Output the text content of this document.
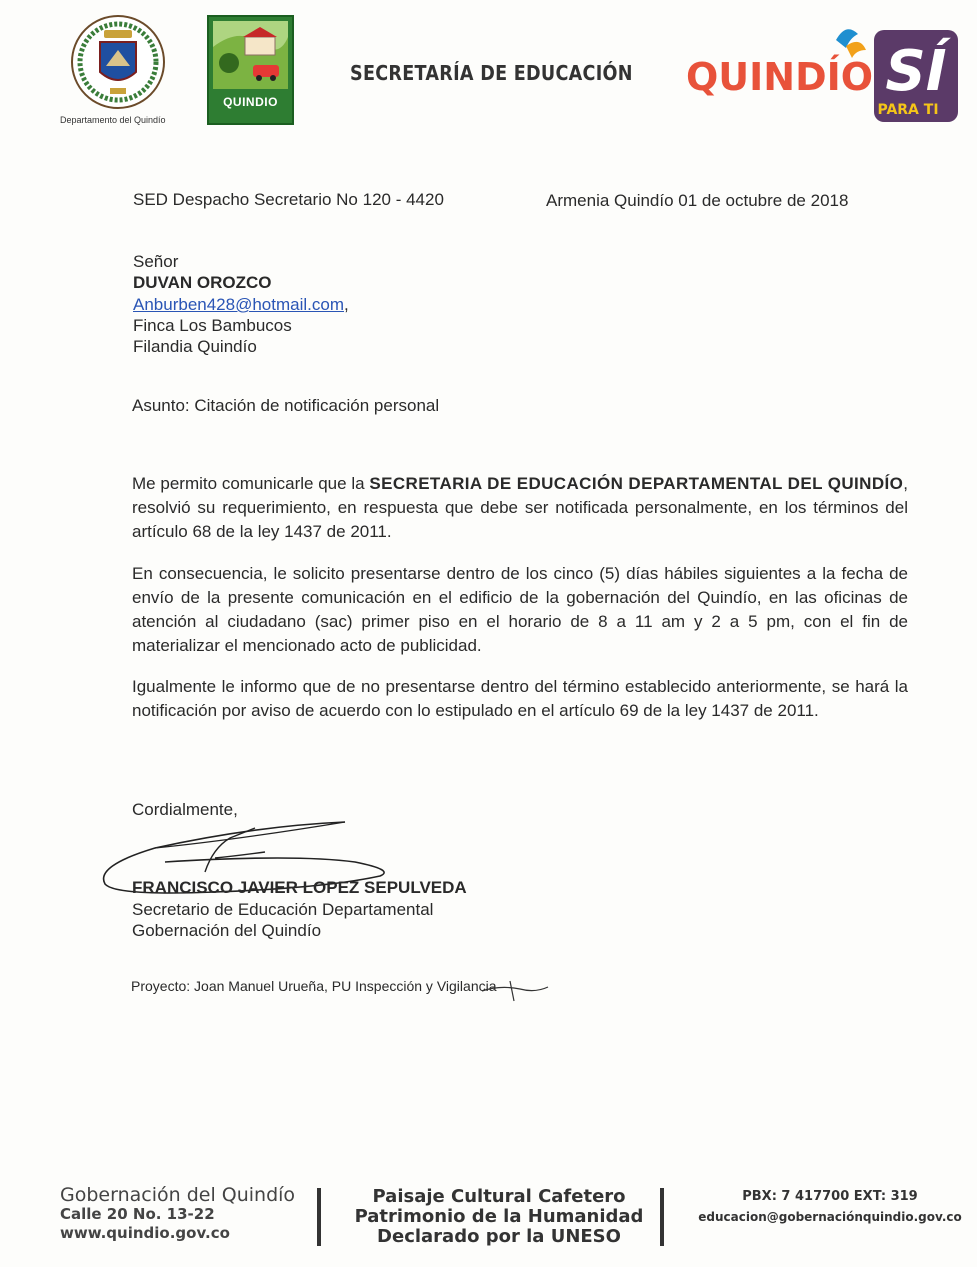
Departamento del Quindío
QUINDIO
SECRETARÍA DE EDUCACIÓN	SÍ
PARA TI
QUINDÍO
SED Despacho Secretario No 120 - 4420	Armenia Quindío 01 de octubre de 2018
Señor
DUVAN OROZCO
Anburben428@hotmail.com,
Finca Los Bambucos
Filandia Quindío
Asunto: Citación de notificación personal
Me permito comunicarle que la SECRETARIA DE EDUCACIÓN DEPARTAMENTAL DEL QUINDÍO, resolvió su requerimiento, en respuesta que debe ser notificada personalmente, en los términos del artículo 68 de la ley 1437 de 2011.
En consecuencia, le solicito presentarse dentro de los cinco (5) días hábiles siguientes a la fecha de envío de la presente comunicación en el edificio de la gobernación del Quindío, en las oficinas de atención al ciudadano (sac) primer piso en el horario de 8 a 11 am y 2 a 5 pm, con el fin de materializar el mencionado acto de publicidad.
Igualmente le informo que de no presentarse dentro del término establecido anteriormente, se hará la notificación por aviso de acuerdo con lo estipulado en el artículo 69 de la ley 1437 de 2011.
Cordialmente,
FRANCISCO JAVIER LOPEZ SEPULVEDA
Secretario de Educación Departamental
Gobernación del Quindío
Proyecto: Joan Manuel Urueña, PU Inspección y Vigilancia
Gobernación del Quindío
Calle 20 No. 13-22
www.quindio.gov.co
Paisaje Cultural Cafetero
Patrimonio de la Humanidad
Declarado por la UNESO
PBX: 7 417700 EXT: 319
educacion@gobernaciónquindio.gov.co
